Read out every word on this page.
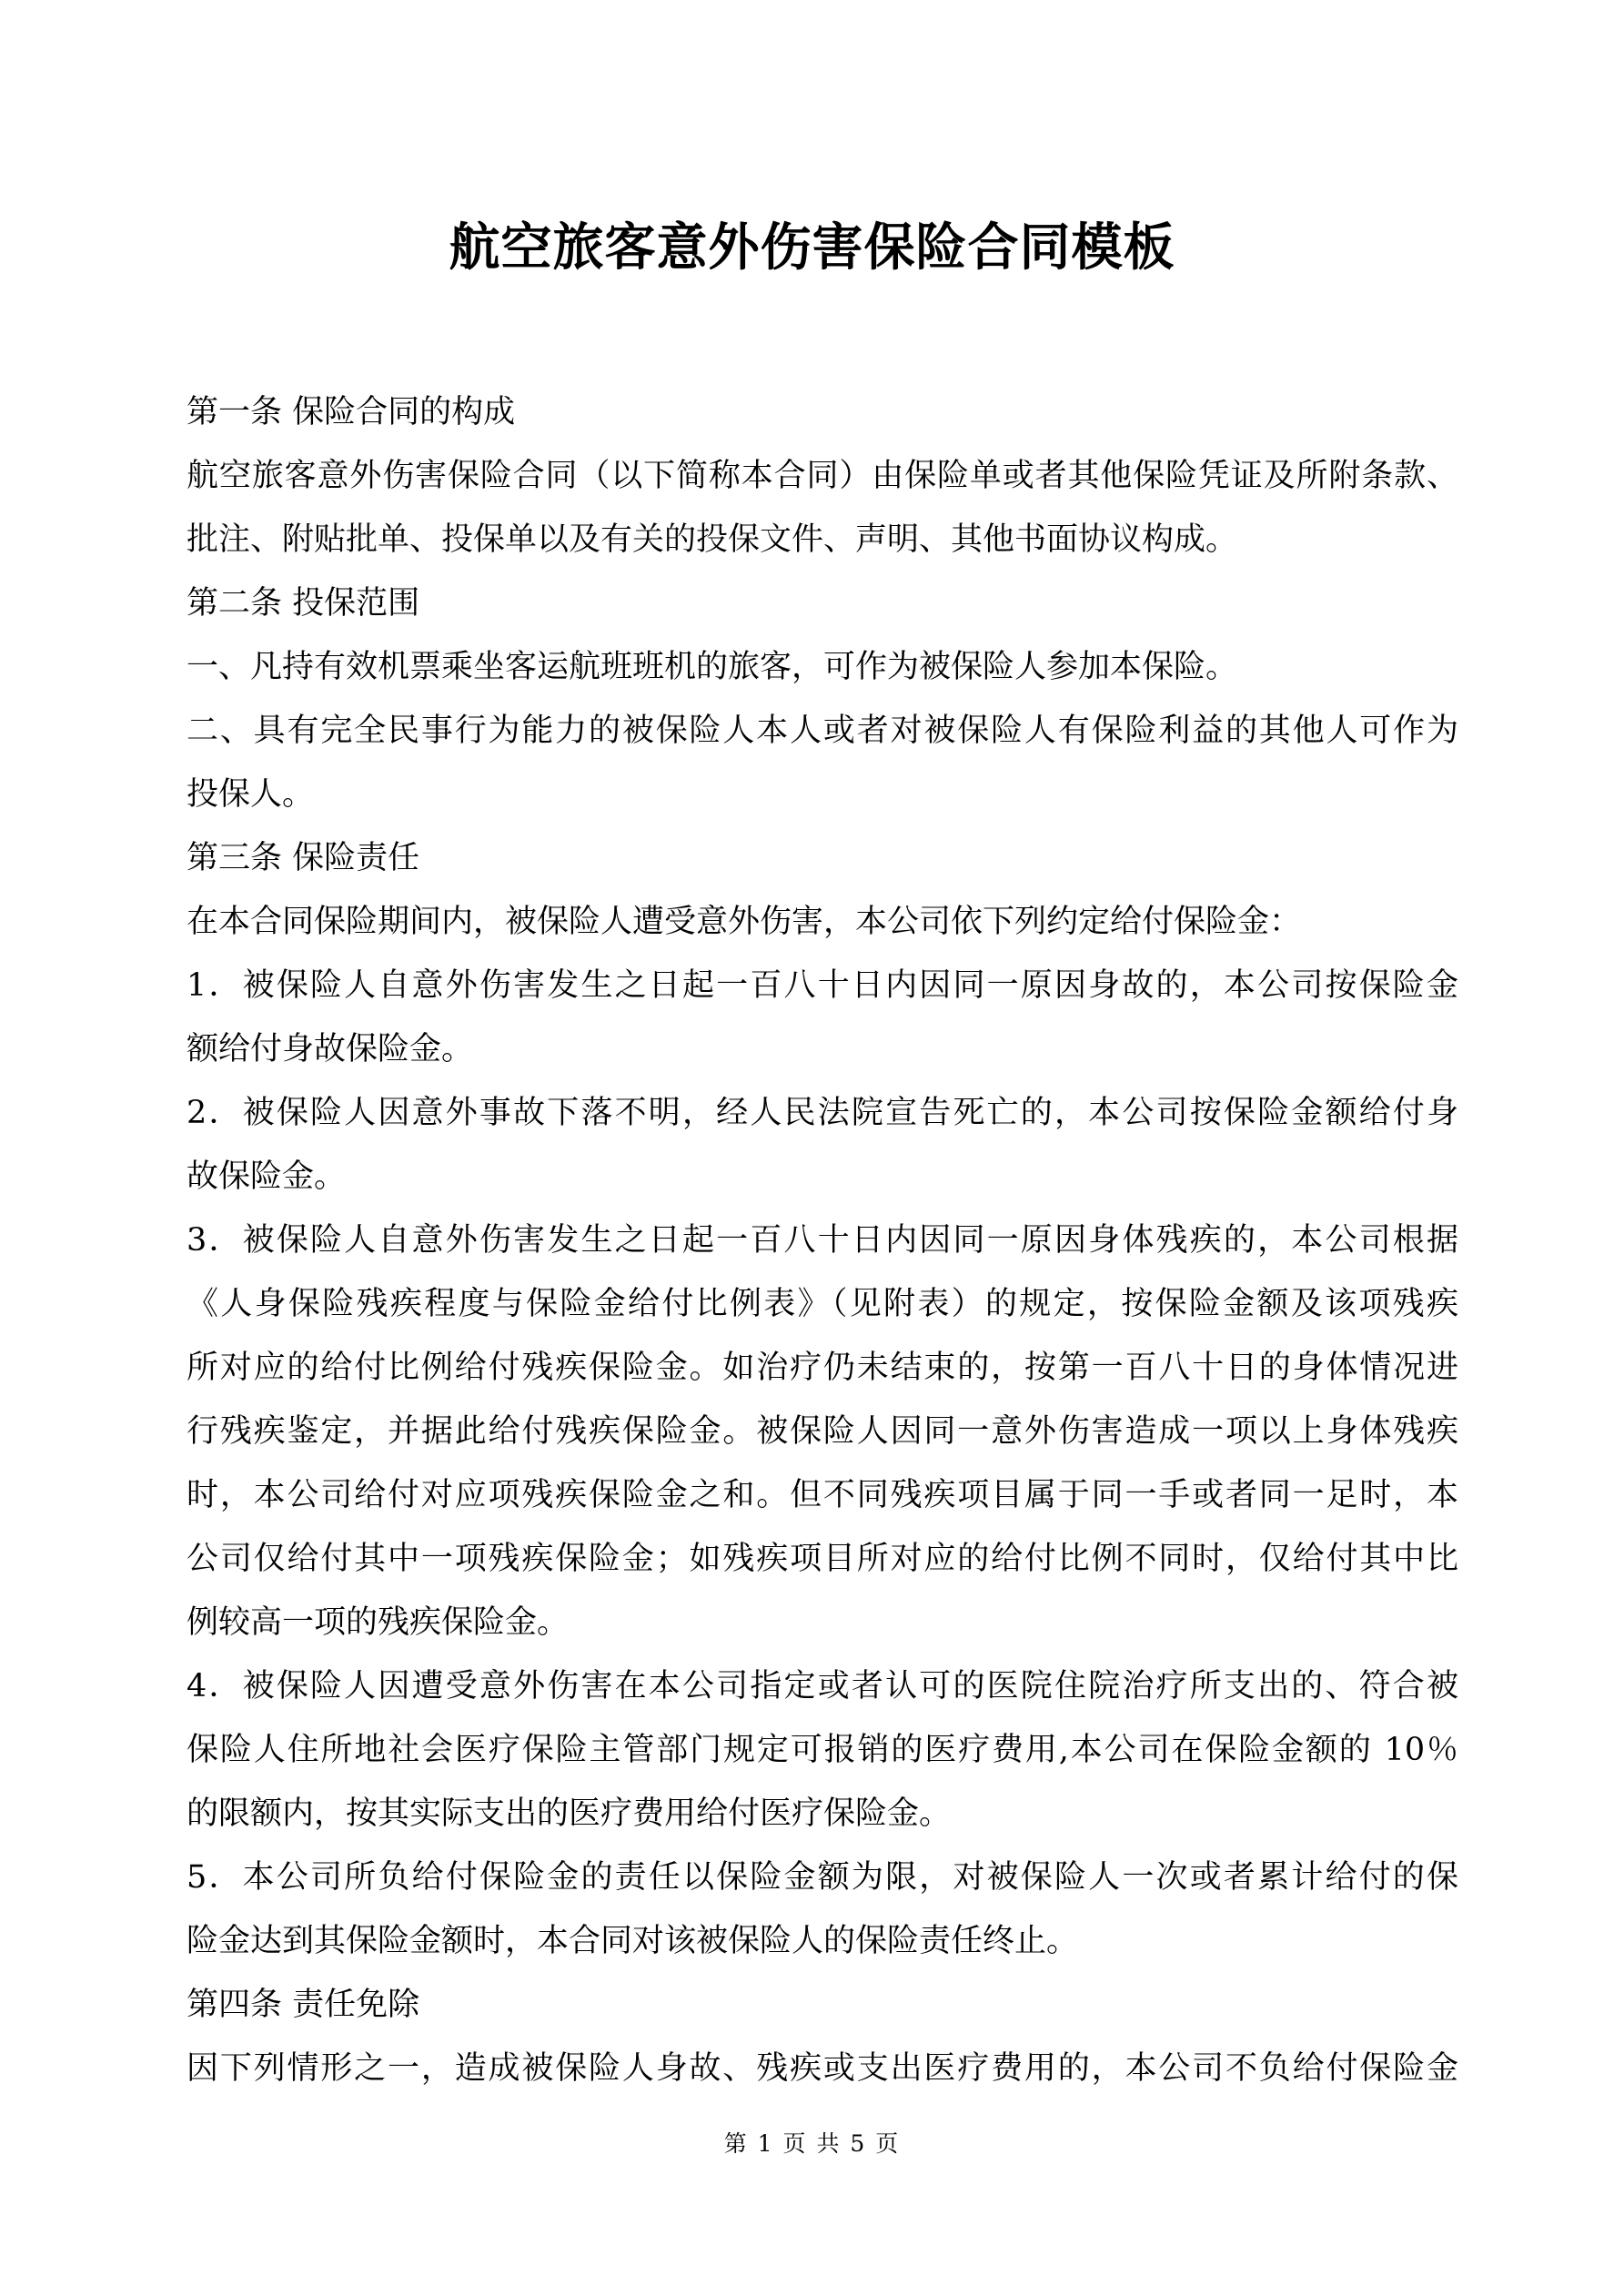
航空旅客意外伤害保险合同模板
第一条 保险合同的构成
航空旅客意外伤害保险合同（以下简称本合同）由保险单或者其他保险凭证及所附条款、
批注、附贴批单、投保单以及有关的投保文件、声明、其他书面协议构成。
第二条 投保范围
一、凡持有效机票乘坐客运航班班机的旅客，可作为被保险人参加本保险。
二、具有完全民事行为能力的被保险人本人或者对被保险人有保险利益的其他人可作为
投保人。
第三条 保险责任
在本合同保险期间内，被保险人遭受意外伤害，本公司依下列约定给付保险金：
1．被保险人自意外伤害发生之日起一百八十日内因同一原因身故的，本公司按保险金
额给付身故保险金。
2．被保险人因意外事故下落不明，经人民法院宣告死亡的，本公司按保险金额给付身
故保险金。
3．被保险人自意外伤害发生之日起一百八十日内因同一原因身体残疾的，本公司根据
《人身保险残疾程度与保险金给付比例表》（见附表）的规定，按保险金额及该项残疾
所对应的给付比例给付残疾保险金。如治疗仍未结束的，按第一百八十日的身体情况进
行残疾鉴定，并据此给付残疾保险金。被保险人因同一意外伤害造成一项以上身体残疾
时，本公司给付对应项残疾保险金之和。但不同残疾项目属于同一手或者同一足时，本
公司仅给付其中一项残疾保险金；如残疾项目所对应的给付比例不同时，仅给付其中比
例较高一项的残疾保险金。
4．被保险人因遭受意外伤害在本公司指定或者认可的医院住院治疗所支出的、符合被
保险人住所地社会医疗保险主管部门规定可报销的医疗费用,本公司在保险金额的 10％
的限额内，按其实际支出的医疗费用给付医疗保险金。
5．本公司所负给付保险金的责任以保险金额为限，对被保险人一次或者累计给付的保
险金达到其保险金额时，本合同对该被保险人的保险责任终止。
第四条 责任免除
因下列情形之一，造成被保险人身故、残疾或支出医疗费用的，本公司不负给付保险金
第 1 页 共 5 页
